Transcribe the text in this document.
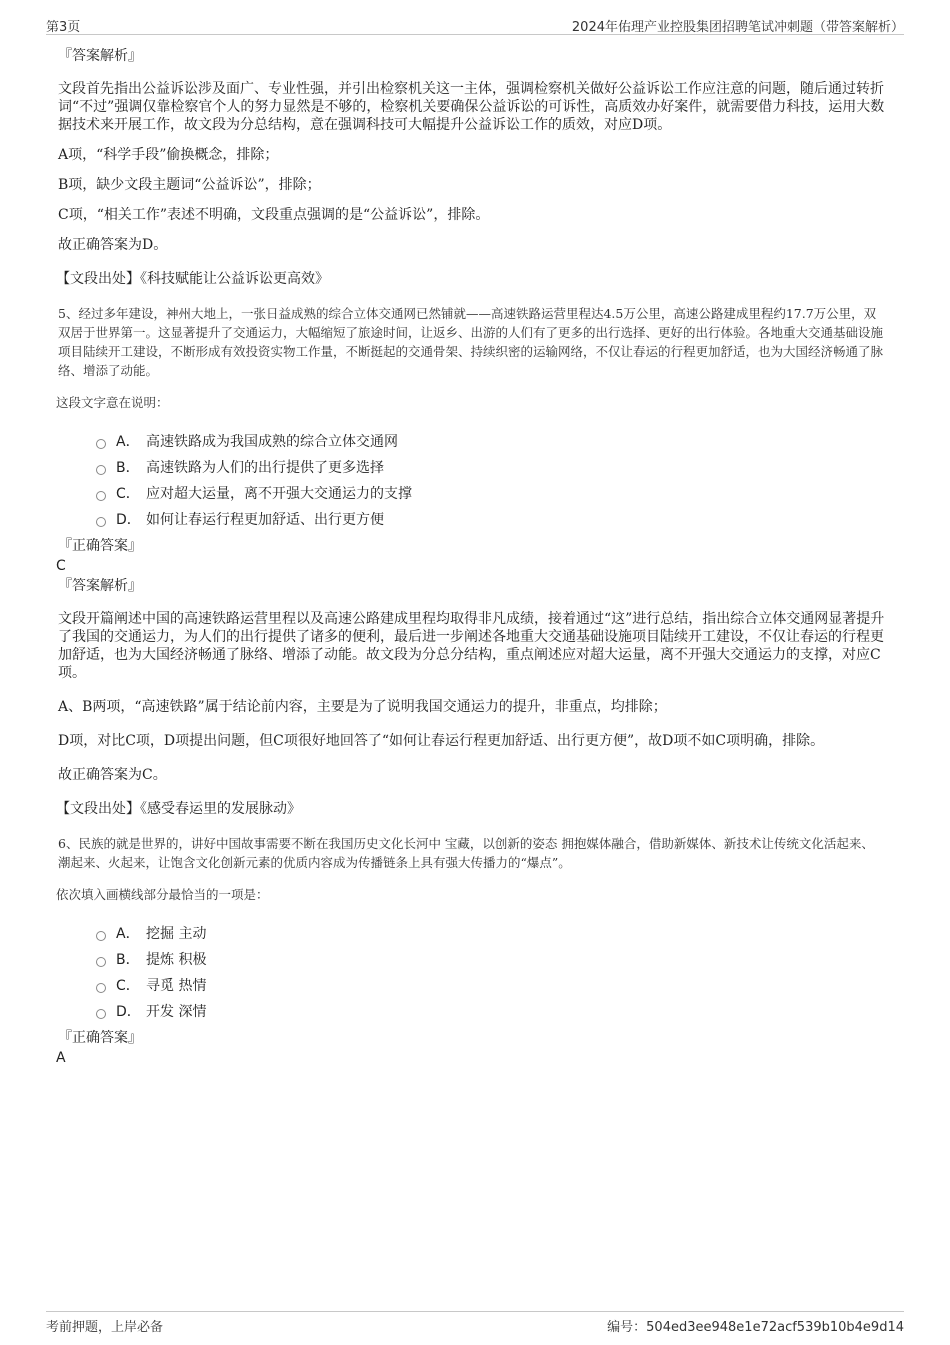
第3页	2024年佑理产业控股集团招聘笔试冲刺题（带答案解析）
『答案解析』
文段首先指出公益诉讼涉及面广、专业性强，并引出检察机关这一主体，强调检察机关做好公益诉讼工作应注意的问题，随后通过转折词“不过”强调仅靠检察官个人的努力显然是不够的，检察机关要确保公益诉讼的可诉性，高质效办好案件，就需要借力科技，运用大数据技术来开展工作，故文段为分总结构，意在强调科技可大幅提升公益诉讼工作的质效，对应D项。
A项，“科学手段”偷换概念，排除；
B项，缺少文段主题词“公益诉讼”，排除；
C项，“相关工作”表述不明确，文段重点强调的是“公益诉讼”，排除。
故正确答案为D。
【文段出处】《科技赋能让公益诉讼更高效》
5、经过多年建设，神州大地上，一张日益成熟的综合立体交通网已然铺就——高速铁路运营里程达4.5万公里，高速公路建成里程约17.7万公里，双双居于世界第一。这显著提升了交通运力，大幅缩短了旅途时间，让返乡、出游的人们有了更多的出行选择、更好的出行体验。各地重大交通基础设施项目陆续开工建设，不断形成有效投资实物工作量，不断挺起的交通骨架、持续织密的运输网络，不仅让春运的行程更加舒适，也为大国经济畅通了脉络、增添了动能。
这段文字意在说明：
A． 高速铁路成为我国成熟的综合立体交通网
B． 高速铁路为人们的出行提供了更多选择
C． 应对超大运量，离不开强大交通运力的支撑
D． 如何让春运行程更加舒适、出行更方便
『正确答案』
C
『答案解析』
文段开篇阐述中国的高速铁路运营里程以及高速公路建成里程均取得非凡成绩，接着通过“这”进行总结，指出综合立体交通网显著提升了我国的交通运力，为人们的出行提供了诸多的便利，最后进一步阐述各地重大交通基础设施项目陆续开工建设，不仅让春运的行程更加舒适，也为大国经济畅通了脉络、增添了动能。故文段为分总分结构，重点阐述应对超大运量，离不开强大交通运力的支撑，对应C项。
A、B两项，“高速铁路”属于结论前内容，主要是为了说明我国交通运力的提升，非重点，均排除；
D项，对比C项，D项提出问题，但C项很好地回答了“如何让春运行程更加舒适、出行更方便”，故D项不如C项明确，排除。
故正确答案为C。
【文段出处】《感受春运里的发展脉动》
6、民族的就是世界的，讲好中国故事需要不断在我国历史文化长河中 宝藏，以创新的姿态 拥抱媒体融合，借助新媒体、新技术让传统文化活起来、潮起来、火起来，让饱含文化创新元素的优质内容成为传播链条上具有强大传播力的“爆点”。
依次填入画横线部分最恰当的一项是：
A． 挖掘 主动
B． 提炼 积极
C． 寻觅 热情
D． 开发 深情
『正确答案』
A
考前押题，上岸必备	编号：504ed3ee948e1e72acf539b10b4e9d14
